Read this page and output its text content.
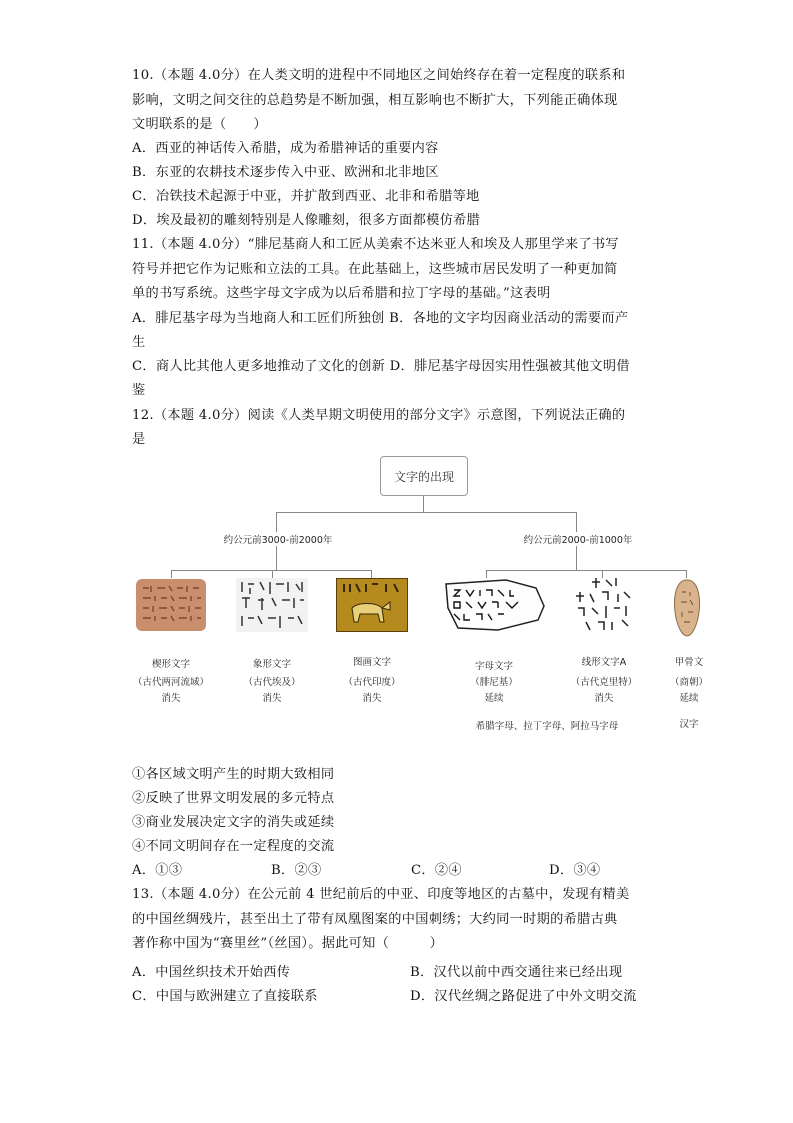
10.（本题 4.0分）在人类文明的进程中不同地区之间始终存在着一定程度的联系和
影响，文明之间交往的总趋势是不断加强，相互影响也不断扩大，下列能正确体现
文明联系的是（　　）
A．西亚的神话传入希腊，成为希腊神话的重要内容
B．东亚的农耕技术逐步传入中亚、欧洲和北非地区
C．冶铁技术起源于中亚，并扩散到西亚、北非和希腊等地
D．埃及最初的雕刻特别是人像雕刻，很多方面都模仿希腊
11.（本题 4.0分）“腓尼基商人和工匠从美索不达米亚人和埃及人那里学来了书写
符号并把它作为记账和立法的工具。在此基础上，这些城市居民发明了一种更加简
单的书写系统。这些字母文字成为以后希腊和拉丁字母的基础。”这表明
A．腓尼基字母为当地商人和工匠们所独创 B．各地的文字均因商业活动的需要而产
生
C．商人比其他人更多地推动了文化的创新 D．腓尼基字母因实用性强被其他文明借
鉴
12.（本题 4.0分）阅读《人类早期文明使用的部分文字》示意图，下列说法正确的
是
文字的出现
约公元前3000-前2000年	约公元前2000-前1000年
楔形文字
（古代两河流域）
消失
象形文字
（古代埃及）
消失
图画文字
（古代印度）
消失
字母文字
（腓尼基）
延续
线形文字A
（古代克里特）
消失
甲骨文
（商朝）
延续
希腊字母、拉丁字母、阿拉马字母	汉字
①各区域文明产生的时期大致相同
②反映了世界文明发展的多元特点
③商业发展决定文字的消失或延续
④不同文明间存在一定程度的交流
A．①③	B．②③	C．②④	D．③④
13.（本题 4.0分）在公元前 4 世纪前后的中亚、印度等地区的古墓中，发现有精美
的中国丝绸残片，甚至出土了带有凤凰图案的中国刺绣；大约同一时期的希腊古典
著作称中国为“赛里丝”（丝国）。据此可知（　　　）
A．中国丝织技术开始西传	B．汉代以前中西交通往来已经出现
C．中国与欧洲建立了直接联系	D．汉代丝绸之路促进了中外文明交流
